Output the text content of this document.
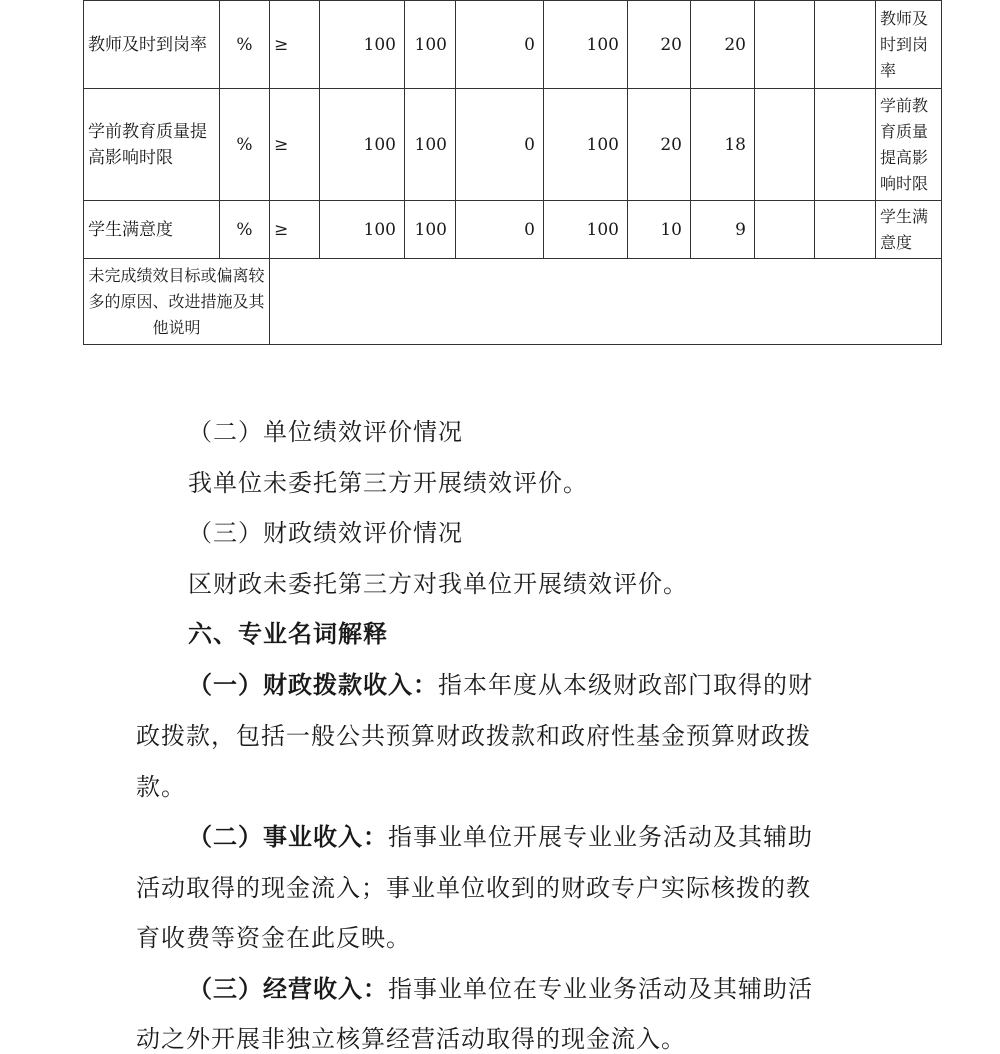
教师及时到岗率	%	≥	100	100	0	100	20	20			教师及时到岗率
学前教育质量提高影响时限	%	≥	100	100	0	100	20	18			学前教育质量提高影响时限
学生满意度	%	≥	100	100	0	100	10	9			学生满意度
未完成绩效目标或偏离较多的原因、改进措施及其他说明											
（二）单位绩效评价情况
我单位未委托第三方开展绩效评价。
（三）财政绩效评价情况
区财政未委托第三方对我单位开展绩效评价。
六、专业名词解释
（一）财政拨款收入：指本年度从本级财政部门取得的财
政拨款，包括一般公共预算财政拨款和政府性基金预算财政拨
款。
（二）事业收入：指事业单位开展专业业务活动及其辅助
活动取得的现金流入；事业单位收到的财政专户实际核拨的教
育收费等资金在此反映。
（三）经营收入：指事业单位在专业业务活动及其辅助活
动之外开展非独立核算经营活动取得的现金流入。
